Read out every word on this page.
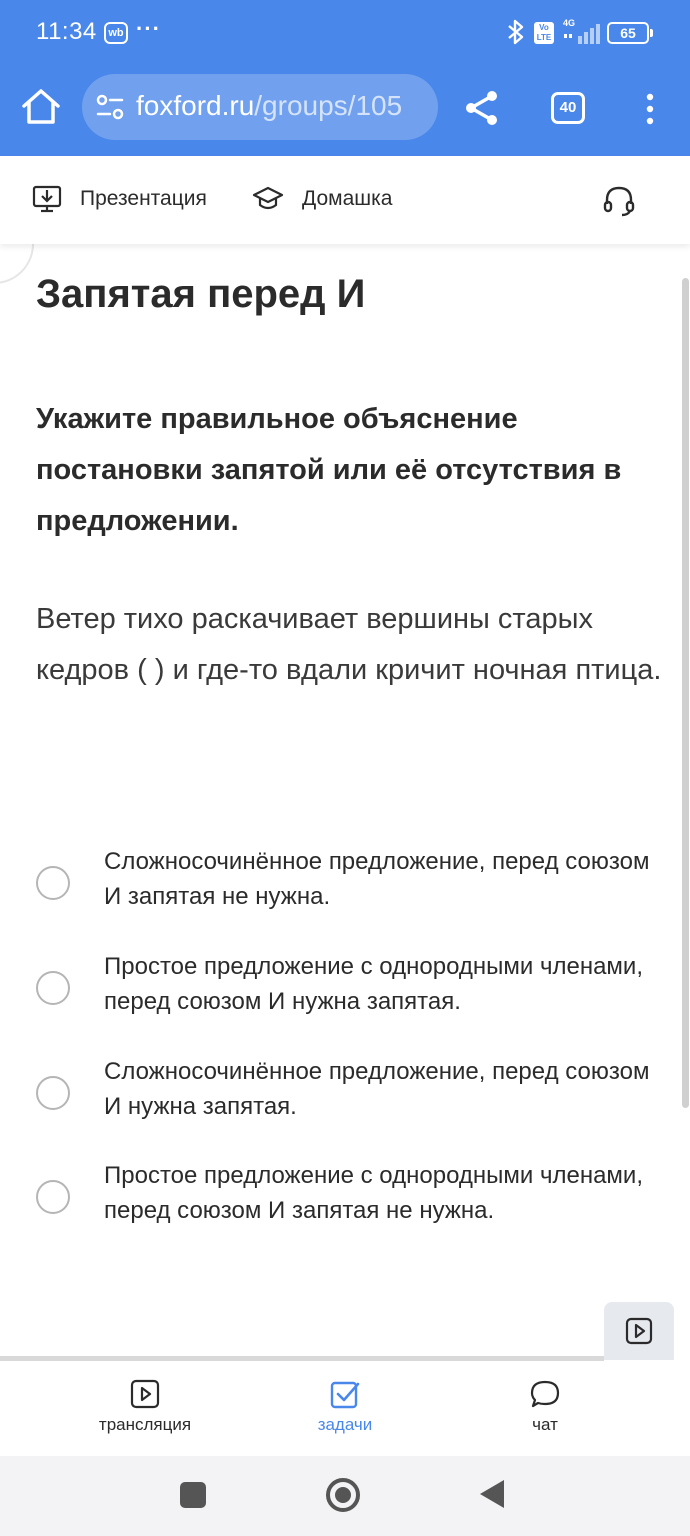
11:34	wb ···	Vo LTE
4G
65
foxford.ru/groups/105	40
Презентация	Домашка
Запятая перед И

Укажите правильное объяснение постановки запятой или её отсутствия в предложении.

Ветер тихо раскачивает вершины старых кедров ( ) и где-то вдали кричит ночная птица.

Сложносочинённое предложение, перед союзом И запятая не нужна.
Простое предложение с однородными членами, перед союзом И нужна запятая.
Сложносочинённое предложение, перед союзом И нужна запятая.
Простое предложение с однородными членами, перед союзом И запятая не нужна.
трансляция	задачи	чат
